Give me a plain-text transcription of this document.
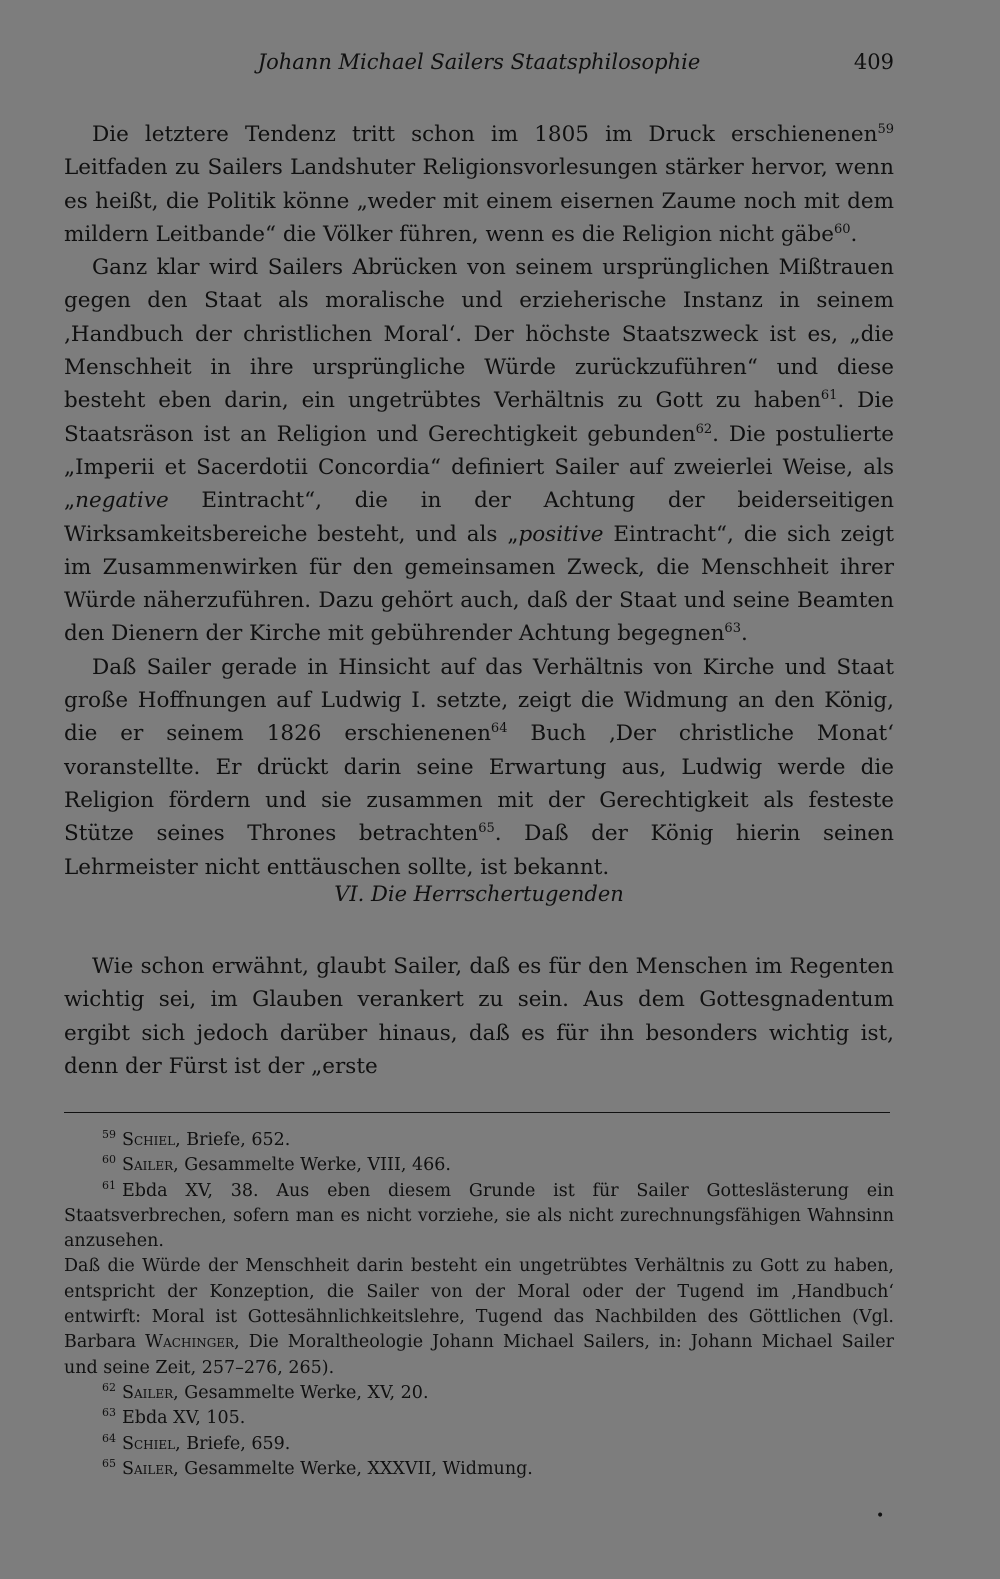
Johann Michael Sailers Staatsphilosophie	409

Die letztere Tendenz tritt schon im 1805 im Druck erschienenen$^{59}$ Leitfaden zu Sailers Landshuter Religionsvorlesungen stärker hervor, wenn es heißt, die Politik könne „weder mit einem eisernen Zaume noch mit dem mildern Leitbande“ die Völker führen, wenn es die Religion nicht gäbe$^{60}$.

Ganz klar wird Sailers Abrücken von seinem ursprünglichen Mißtrauen gegen den Staat als moralische und erzieherische Instanz in seinem ‚Handbuch der christlichen Moral‘. Der höchste Staatszweck ist es, „die Menschheit in ihre ursprüngliche Würde zurückzuführen“ und diese besteht eben darin, ein ungetrübtes Verhältnis zu Gott zu haben$^{61}$. Die Staatsräson ist an Religion und Gerechtigkeit gebunden$^{62}$. Die postulierte „Imperii et Sacerdotii Concordia“ definiert Sailer auf zweierlei Weise, als „negative Eintracht“, die in der Achtung der beiderseitigen Wirksamkeitsbereiche besteht, und als „positive Eintracht“, die sich zeigt im Zusammenwirken für den gemeinsamen Zweck, die Menschheit ihrer Würde näherzuführen. Dazu gehört auch, daß der Staat und seine Beamten den Dienern der Kirche mit gebührender Achtung begegnen$^{63}$.

Daß Sailer gerade in Hinsicht auf das Verhältnis von Kirche und Staat große Hoffnungen auf Ludwig I. setzte, zeigt die Widmung an den König, die er seinem 1826 erschienenen$^{64}$ Buch ‚Der christliche Monat‘ voranstellte. Er drückt darin seine Erwartung aus, Ludwig werde die Religion fördern und sie zusammen mit der Gerechtigkeit als festeste Stütze seines Thrones betrachten$^{65}$. Daß der König hierin seinen Lehrmeister nicht enttäuschen sollte, ist bekannt.

VI. Die Herrschertugenden

Wie schon erwähnt, glaubt Sailer, daß es für den Menschen im Regenten wichtig sei, im Glauben verankert zu sein. Aus dem Gottesgnadentum ergibt sich jedoch darüber hinaus, daß es für ihn besonders wichtig ist, denn der Fürst ist der „erste

59 Schiel, Briefe, 652.

60 Sailer, Gesammelte Werke, VIII, 466.

61 Ebda XV, 38. Aus eben diesem Grunde ist für Sailer Gotteslästerung ein Staatsverbrechen, sofern man es nicht vorziehe, sie als nicht zurechnungsfähigen Wahnsinn anzusehen.

Daß die Würde der Menschheit darin besteht ein ungetrübtes Verhältnis zu Gott zu haben, entspricht der Konzeption, die Sailer von der Moral oder der Tugend im ‚Handbuch‘ entwirft: Moral ist Gottesähnlichkeitslehre, Tugend das Nachbilden des Göttlichen (Vgl. Barbara Wachinger, Die Moraltheologie Johann Michael Sailers, in: Johann Michael Sailer und seine Zeit, 257–276, 265).

62 Sailer, Gesammelte Werke, XV, 20.

63 Ebda XV, 105.

64 Schiel, Briefe, 659.

65 Sailer, Gesammelte Werke, XXXVII, Widmung.

•
